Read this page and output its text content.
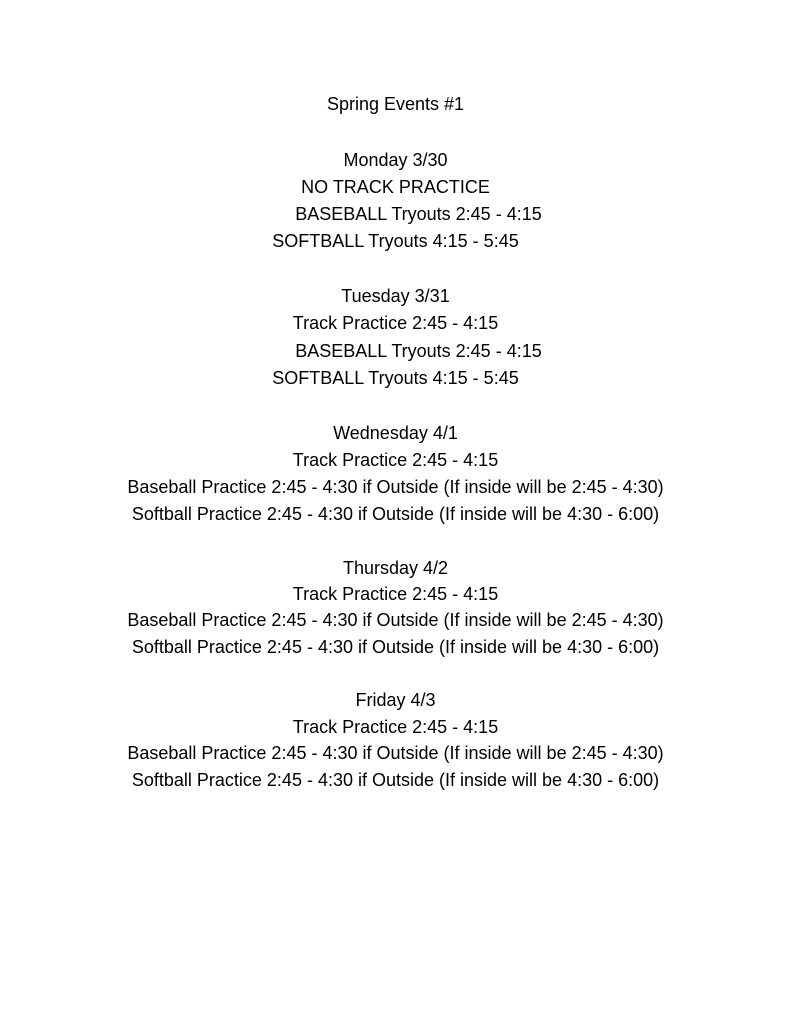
Spring Events #1
Monday 3/30
NO TRACK PRACTICE
BASEBALL Tryouts 2:45 - 4:15
SOFTBALL Tryouts 4:15 - 5:45
Tuesday 3/31
Track Practice 2:45 - 4:15
BASEBALL Tryouts 2:45 - 4:15
SOFTBALL Tryouts 4:15 - 5:45
Wednesday 4/1
Track Practice 2:45 - 4:15
Baseball Practice 2:45 - 4:30 if Outside (If inside will be 2:45 - 4:30)
Softball Practice 2:45 - 4:30 if Outside (If inside will be 4:30 - 6:00)
Thursday 4/2
Track Practice 2:45 - 4:15
Baseball Practice 2:45 - 4:30 if Outside (If inside will be 2:45 - 4:30)
Softball Practice 2:45 - 4:30 if Outside (If inside will be 4:30 - 6:00)
Friday 4/3
Track Practice 2:45 - 4:15
Baseball Practice 2:45 - 4:30 if Outside (If inside will be 2:45 - 4:30)
Softball Practice 2:45 - 4:30 if Outside (If inside will be 4:30 - 6:00)
